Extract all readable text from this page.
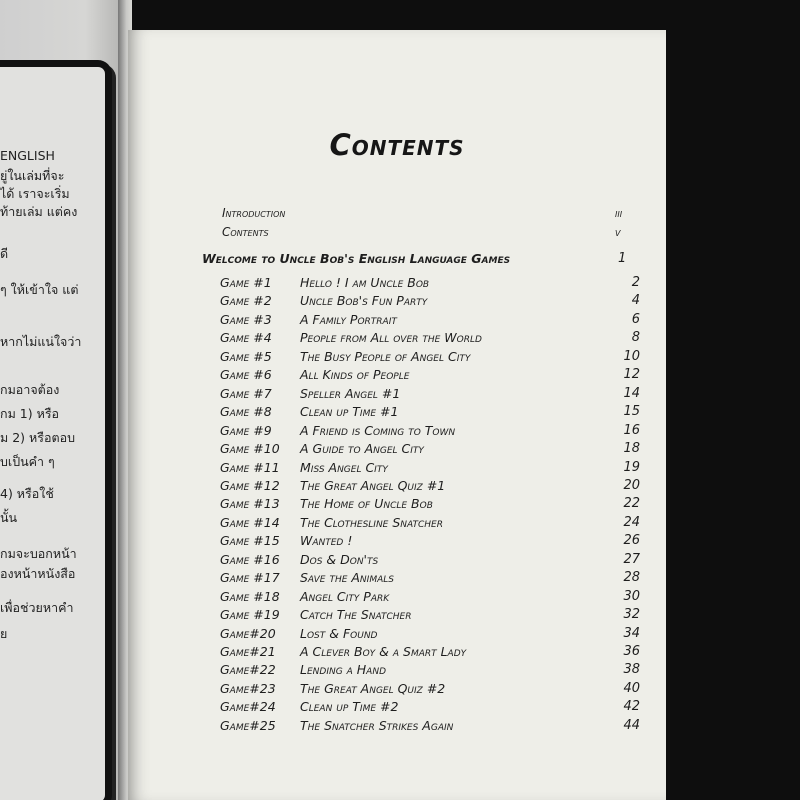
ENGLISH
ยู่ในเล่มที่จะ
ได้ เราจะเริ่ม
ท้ายเล่ม แต่คง
ดี
ๆ ให้เข้าใจ แต่
หากไม่แน่ใจว่า
กมอาจต้อง
กม 1) หรือ
ม 2) หรือตอบ
บเป็นคำ ๆ
4) หรือใช้
นั้น
กมจะบอกหน้า
องหน้าหนังสือ
เพื่อช่วยหาคำ
ย
Contents
Introduction	iii
Contents	v
Welcome to Uncle Bob's English Language Games	1
Game #1 Hello ! I am Uncle Bob	2
Game #2 Uncle Bob's Fun Party	4
Game #3 A Family Portrait	6
Game #4 People from All over the World	8
Game #5 The Busy People of Angel City	10
Game #6 All Kinds of People	12
Game #7 Speller Angel #1	14
Game #8 Clean up Time #1	15
Game #9 A Friend is Coming to Town	16
Game #10 A Guide to Angel City	18
Game #11 Miss Angel City	19
Game #12 The Great Angel Quiz #1	20
Game #13 The Home of Uncle Bob	22
Game #14 The Clothesline Snatcher	24
Game #15 Wanted !	26
Game #16 Dos & Don'ts	27
Game #17 Save the Animals	28
Game #18 Angel City Park	30
Game #19 Catch The Snatcher	32
Game#20 Lost & Found	34
Game#21 A Clever Boy & a Smart Lady	36
Game#22 Lending a Hand	38
Game#23 The Great Angel Quiz #2	40
Game#24 Clean up Time #2	42
Game#25 The Snatcher Strikes Again	44
